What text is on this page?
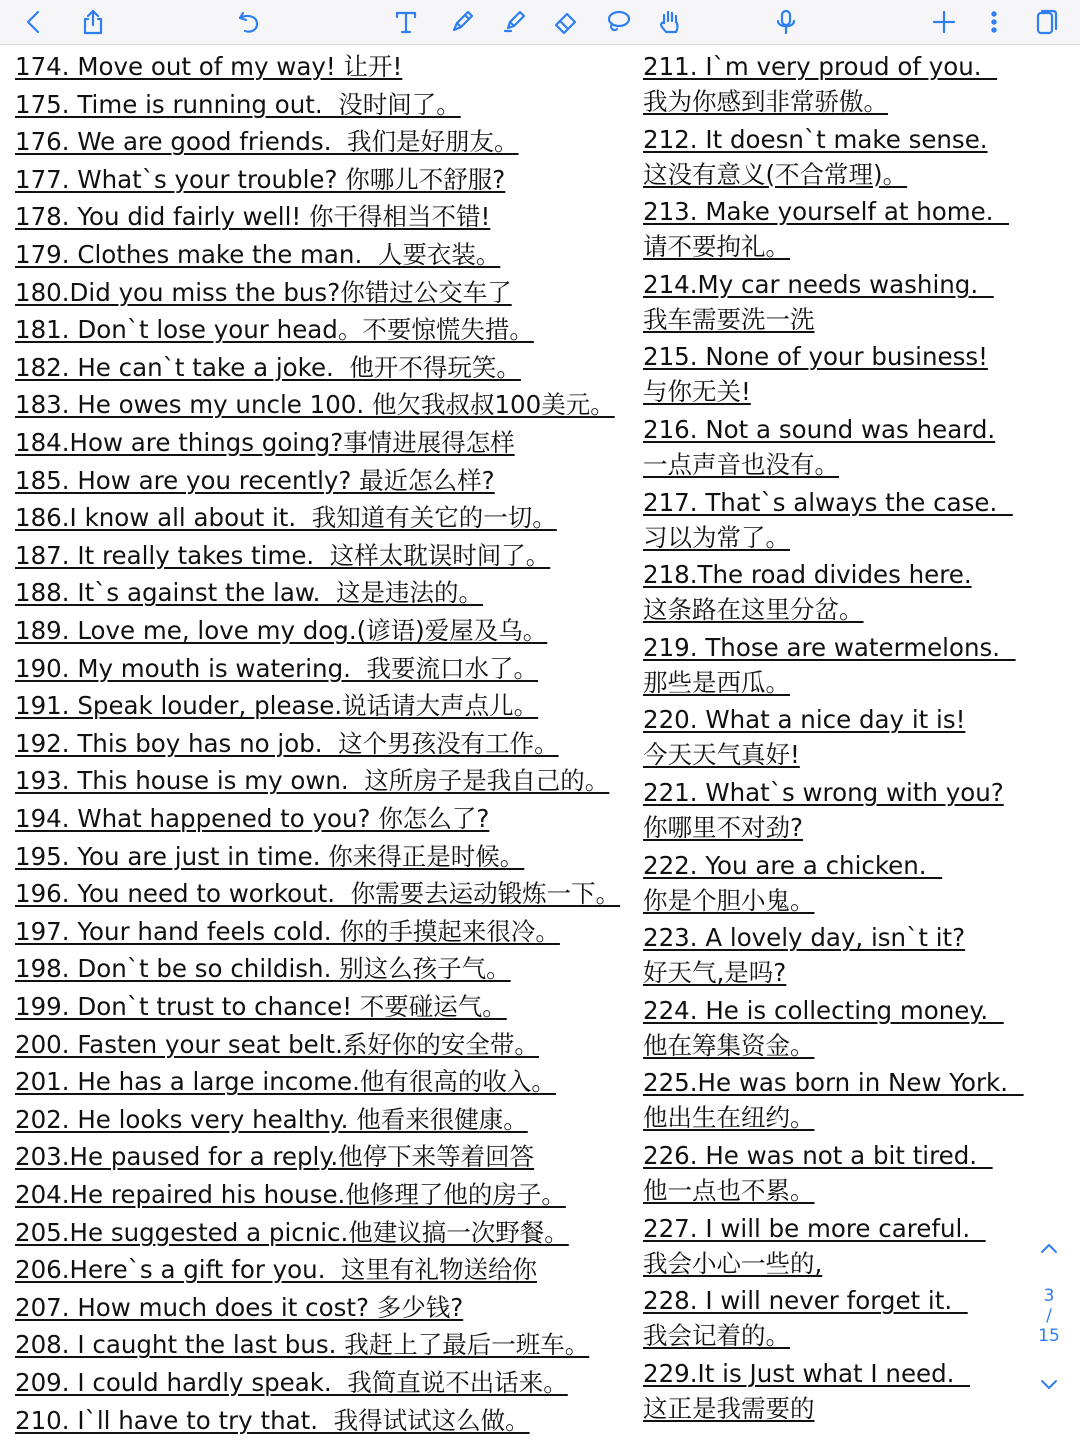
174. Move out of my way! 让开!
175. Time is running out.  没时间了。
176. We are good friends.  我们是好朋友。
177. What`s your trouble? 你哪儿不舒服?
178. You did fairly well! 你干得相当不错!
179. Clothes make the man.  人要衣装。
180.Did you miss the bus?你错过公交车了
181. Don`t lose your head。不要惊慌失措。
182. He can`t take a joke.  他开不得玩笑。
183. He owes my uncle 100. 他欠我叔叔100美元。
184.How are things going?事情进展得怎样
185. How are you recently? 最近怎么样?
186.I know all about it.  我知道有关它的一切。
187. It really takes time.  这样太耽误时间了。
188. It`s against the law.  这是违法的。
189. Love me, love my dog.(谚语)爱屋及乌。
190. My mouth is watering.  我要流口水了。
191. Speak louder, please.说话请大声点儿。
192. This boy has no job.  这个男孩没有工作。
193. This house is my own.  这所房子是我自己的。
194. What happened to you? 你怎么了?
195. You are just in time. 你来得正是时候。
196. You need to workout.  你需要去运动锻炼一下。
197. Your hand feels cold. 你的手摸起来很冷。
198. Don`t be so childish. 别这么孩子气。
199. Don`t trust to chance! 不要碰运气。
200. Fasten your seat belt.系好你的安全带。
201. He has a large income.他有很高的收入。
202. He looks very healthy. 他看来很健康。
203.He paused for a reply.他停下来等着回答
204.He repaired his house.他修理了他的房子。
205.He suggested a picnic.他建议搞一次野餐。
206.Here`s a gift for you.  这里有礼物送给你
207. How much does it cost? 多少钱?
208. I caught the last bus. 我赶上了最后一班车。
209. I could hardly speak.  我简直说不出话来。
210. I`ll have to try that.  我得试试这么做。
211. I`m very proud of you.
我为你感到非常骄傲。
212. It doesn`t make sense.
这没有意义(不合常理)。
213. Make yourself at home.
请不要拘礼。
214.My car needs washing.
我车需要洗一洗
215. None of your business!
与你无关!
216. Not a sound was heard.
一点声音也没有。
217. That`s always the case.
习以为常了。
218.The road divides here.
这条路在这里分岔。
219. Those are watermelons.
那些是西瓜。
220. What a nice day it is!
今天天气真好!
221. What`s wrong with you?
你哪里不对劲?
222. You are a chicken.
你是个胆小鬼。
223. A lovely day, isn`t it?
好天气,是吗?
224. He is collecting money.
他在筹集资金。
225.He was born in New York.
他出生在纽约。
226. He was not a bit tired.
他一点也不累。
227. I will be more careful.
我会小心一些的,
228. I will never forget it.
我会记着的。
229.It is Just what I need.
这正是我需要的
3
/
15
